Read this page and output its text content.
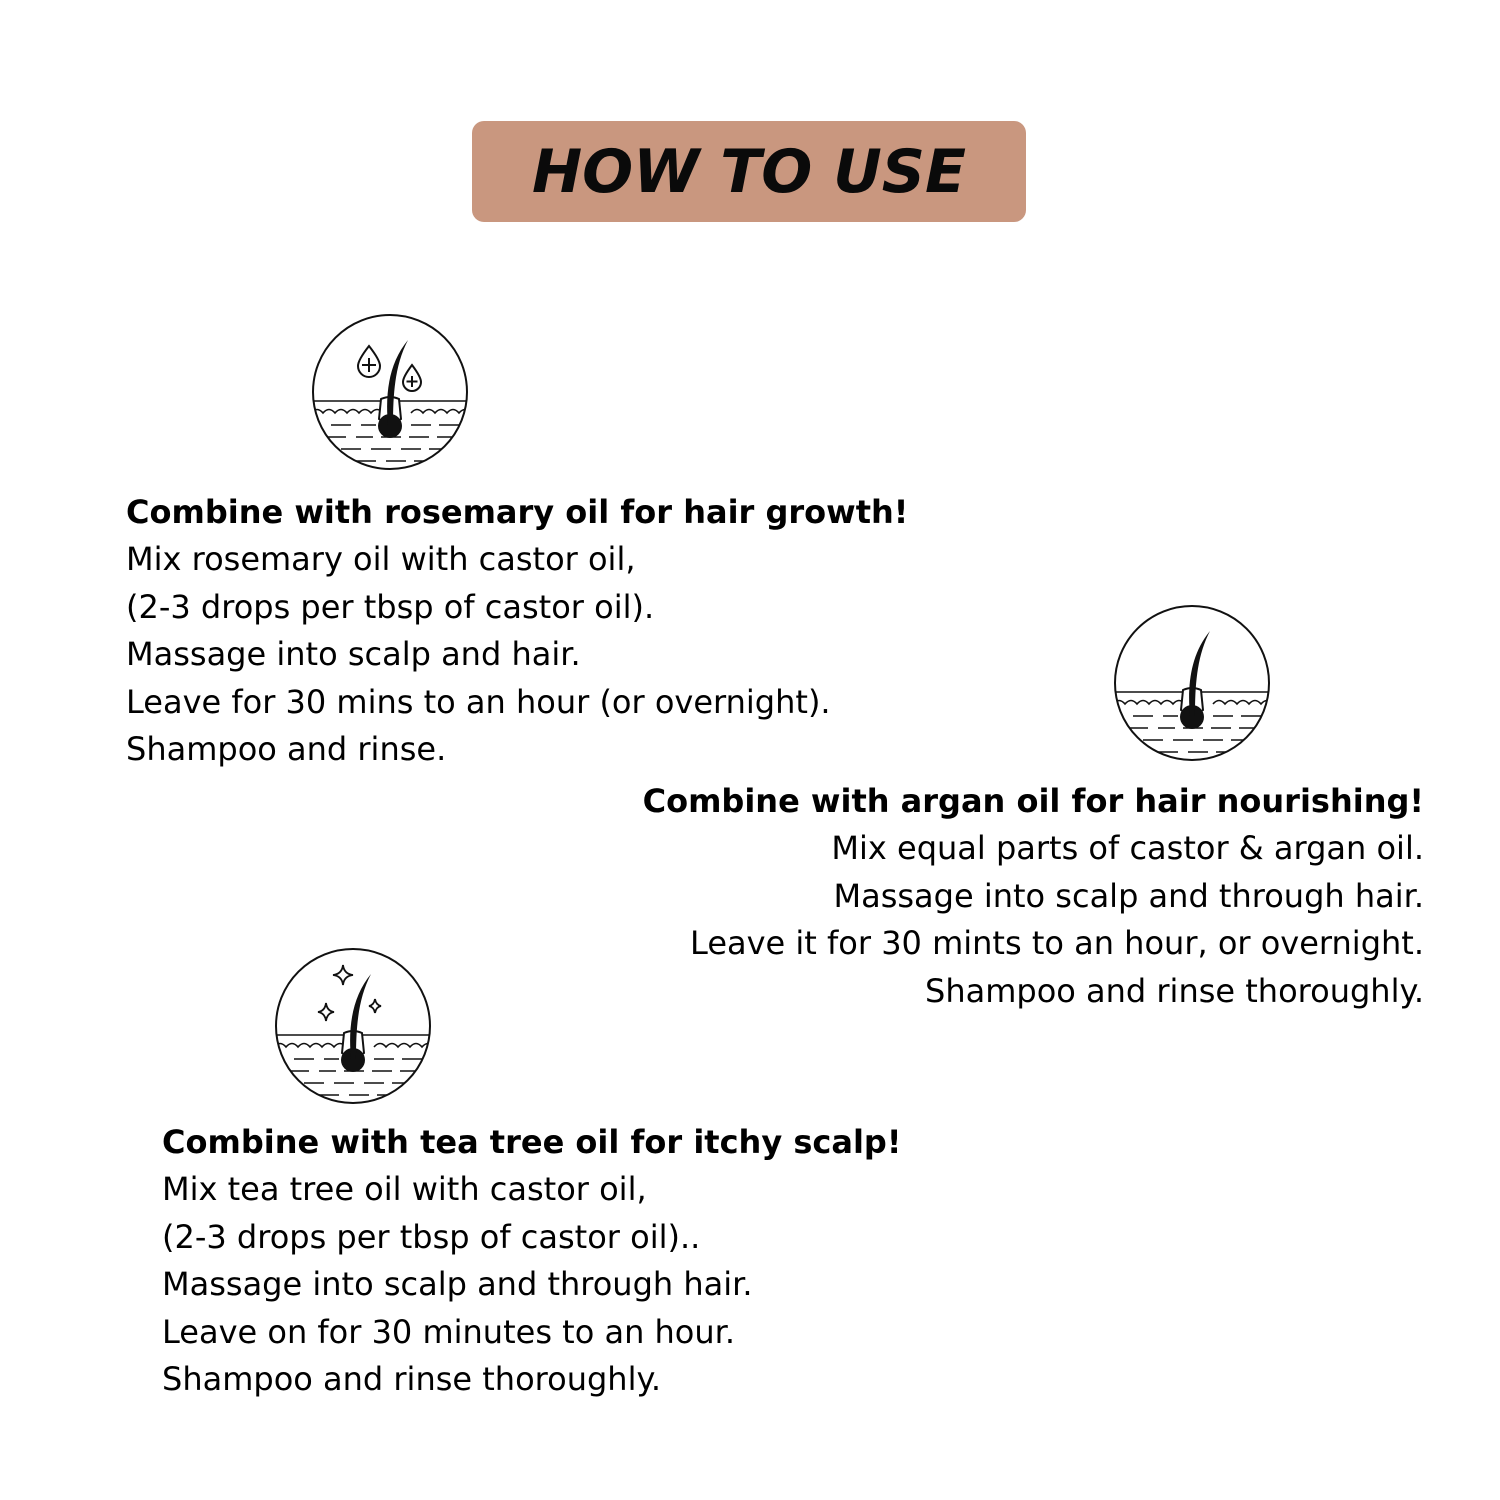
HOW TO USE
Combine with rosemary oil for hair growth!
Mix rosemary oil with castor oil,
(2-3 drops per tbsp of castor oil).
Massage into scalp and hair.
Leave for 30 mins to an hour (or overnight).
Shampoo and rinse.
Combine with argan oil for hair nourishing!
Mix equal parts of castor & argan oil.
Massage into scalp and through hair.
Leave it for 30 mints to an hour, or overnight.
Shampoo and rinse thoroughly.
Combine with tea tree oil for itchy scalp!
Mix tea tree oil with castor oil,
(2-3 drops per tbsp of castor oil)..
Massage into scalp and through hair.
Leave on for 30 minutes to an hour.
Shampoo and rinse thoroughly.
